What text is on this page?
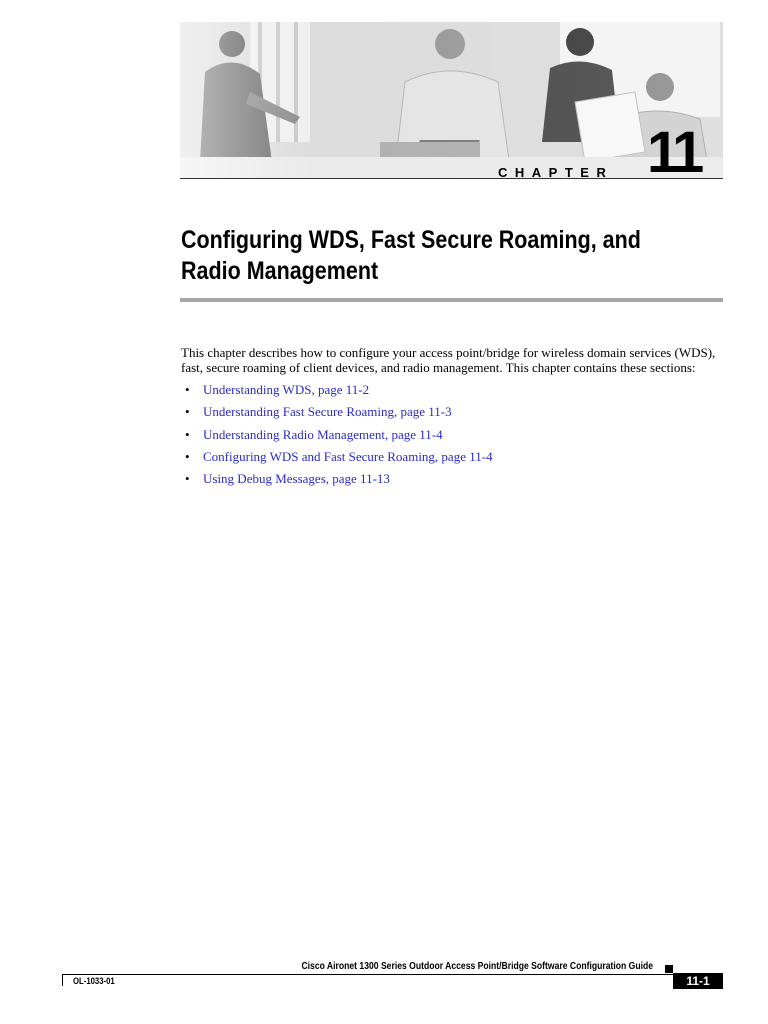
CHAPTER 11
Configuring WDS, Fast Secure Roaming, and
Radio Management

This chapter describes how to configure your access point/bridge for wireless domain services (WDS), fast, secure roaming of client devices, and radio management. This chapter contains these sections:

• Understanding WDS, page 11-2
• Understanding Fast Secure Roaming, page 11-3
• Understanding Radio Management, page 11-4
• Configuring WDS and Fast Secure Roaming, page 11-4
• Using Debug Messages, page 11-13
Cisco Aironet 1300 Series Outdoor Access Point/Bridge Software Configuration Guide
OL-1033-01	11-1
